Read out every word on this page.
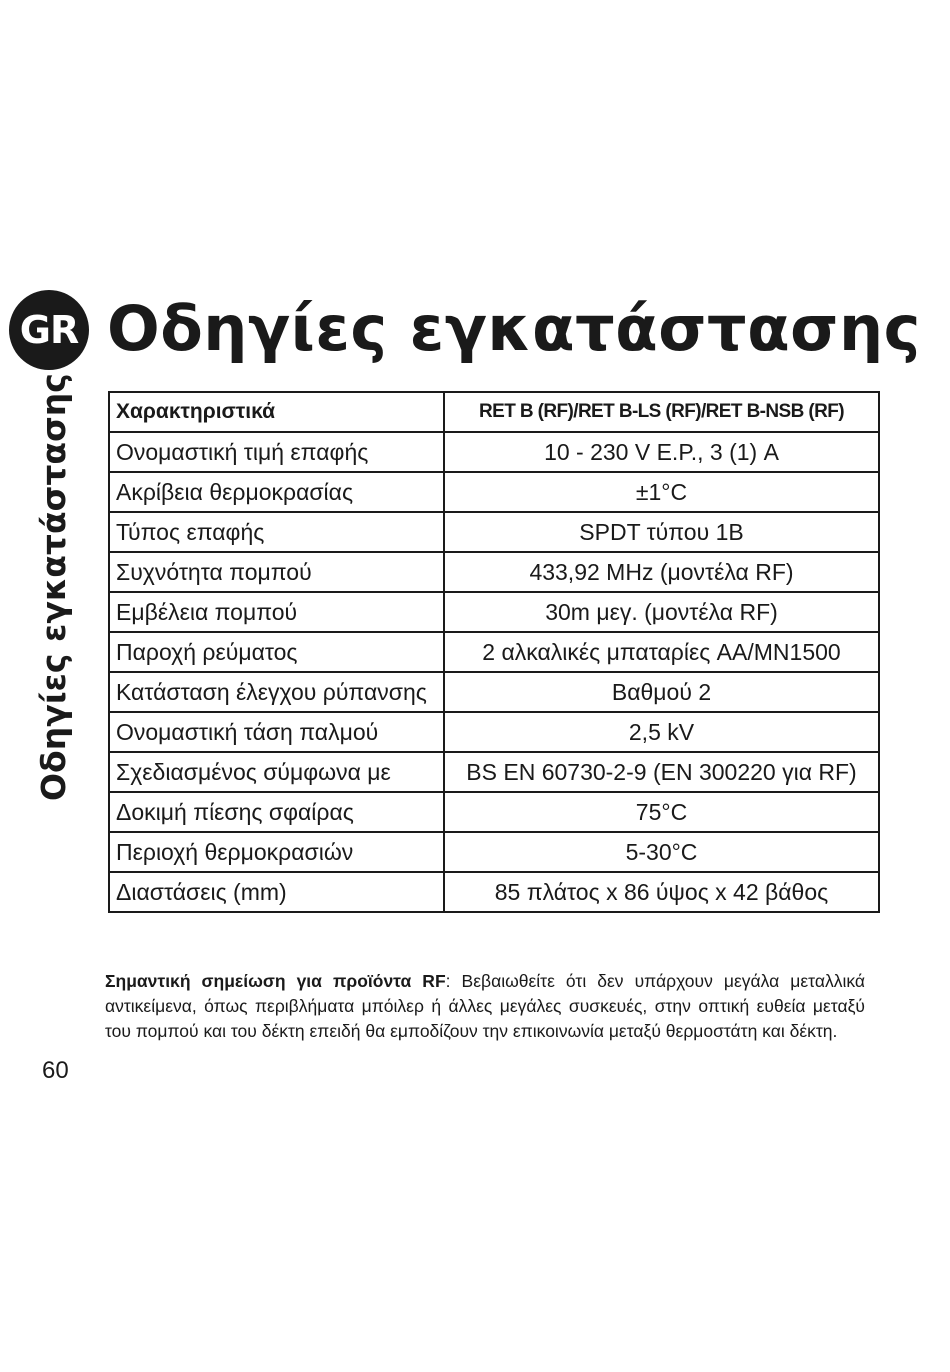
GR Οδηγίες εγκατάστασης
Οδηγίες εγκατάστασης Χαρακτηριστικά	RET B (RF)/RET B-LS (RF)/RET B-NSB (RF)
Ονομαστική τιμή επαφής	10 - 230 V Ε.Ρ., 3 (1) A
Ακρίβεια θερμοκρασίας	±1°C
Τύπος επαφής	SPDT τύπου 1B
Συχνότητα πομπού	433,92 MHz (μοντέλα RF)
Εμβέλεια πομπού	30m μεγ. (μοντέλα RF)
Παροχή ρεύματος	2 αλκαλικές μπαταρίες AA/MN1500
Κατάσταση έλεγχου ρύπανσης	Βαθμού 2
Ονομαστική τάση παλμού	2,5 kV
Σχεδιασμένος σύμφωνα με	BS EN 60730-2-9 (EN 300220 για RF)
Δοκιμή πίεσης σφαίρας	75°C
Περιοχή θερμοκρασιών	5-30°C
Διαστάσεις (mm)	85 πλάτος x 86 ύψος x 42 βάθος
Σημαντική σημείωση για προϊόντα RF: Βεβαιωθείτε ότι δεν υπάρχουν μεγάλα μεταλλικά αντικείμενα, όπως περιβλήματα μπόιλερ ή άλλες μεγάλες συσκευές, στην οπτική ευθεία μεταξύ του πομπού και του δέκτη επειδή θα εμποδίζουν την επικοινωνία μεταξύ θερμοστάτη και δέκτη.
60
